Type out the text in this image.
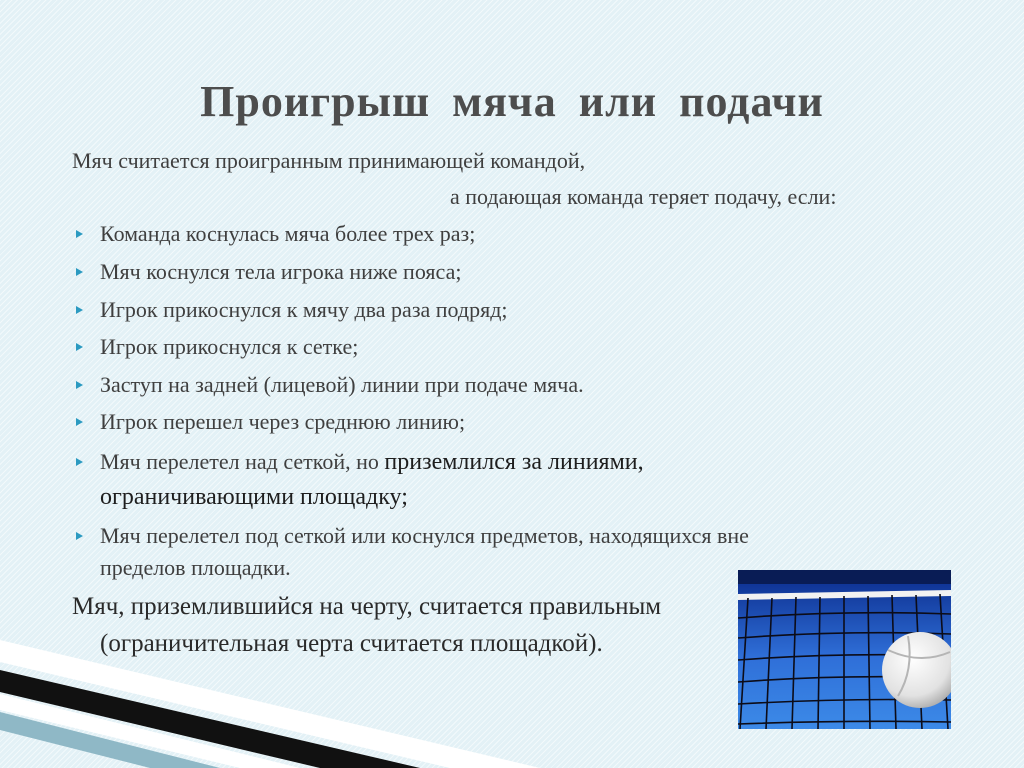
Проигрыш мяча или подачи
Мяч считается проигранным принимающей командой,
а подающая команда теряет подачу, если:
Команда коснулась мяча более трех раз;
Мяч коснулся тела игрока ниже пояса;
Игрок прикоснулся к мячу два раза подряд;
Игрок прикоснулся к сетке;
Заступ на задней (лицевой) линии при подаче мяча.
Игрок перешел через среднюю линию;
Мяч перелетел над сеткой, но приземлился за линиями,
ограничивающими площадку;
Мяч перелетел под сеткой или коснулся предметов, находящихся вне
пределов площадки.
Мяч, приземлившийся на черту, считается правильным
(ограничительная черта считается площадкой).
